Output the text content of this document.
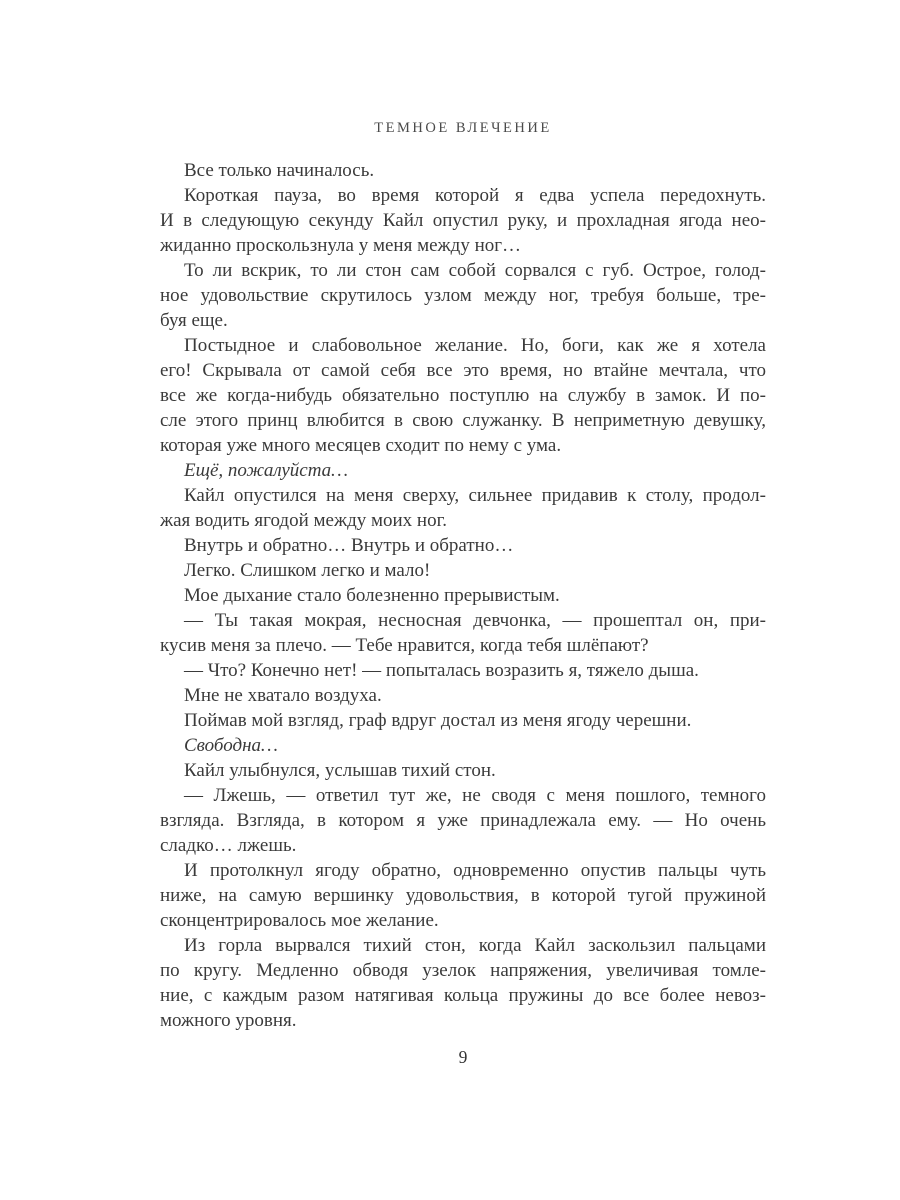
ТЕМНОЕ ВЛЕЧЕНИЕ
Все только начиналось.
Короткая пауза, во время которой я едва успела передохнуть.
И в следующую секунду Кайл опустил руку, и прохладная ягода нео-
жиданно проскользнула у меня между ног…
То ли вскрик, то ли стон сам собой сорвался с губ. Острое, голод-
ное удовольствие скрутилось узлом между ног, требуя больше, тре-
буя еще.
Постыдное и слабовольное желание. Но, боги, как же я хотела
его! Скрывала от самой себя все это время, но втайне мечтала, что
все же когда-нибудь обязательно поступлю на службу в замок. И по-
сле этого принц влюбится в свою служанку. В неприметную девушку,
которая уже много месяцев сходит по нему с ума.
Ещё, пожалуйста…
Кайл опустился на меня сверху, сильнее придавив к столу, продол-
жая водить ягодой между моих ног.
Внутрь и обратно… Внутрь и обратно…
Легко. Слишком легко и мало!
Мое дыхание стало болезненно прерывистым.
— Ты такая мокрая, несносная девчонка, — прошептал он, при-
кусив меня за плечо. — Тебе нравится, когда тебя шлёпают?
— Что? Конечно нет! — попыталась возразить я, тяжело дыша.
Мне не хватало воздуха.
Поймав мой взгляд, граф вдруг достал из меня ягоду черешни.
Свободна…
Кайл улыбнулся, услышав тихий стон.
— Лжешь, — ответил тут же, не сводя с меня пошлого, темного
взгляда. Взгляда, в котором я уже принадлежала ему. — Но очень
сладко… лжешь.
И протолкнул ягоду обратно, одновременно опустив пальцы чуть
ниже, на самую вершинку удовольствия, в которой тугой пружиной
сконцентрировалось мое желание.
Из горла вырвался тихий стон, когда Кайл заскользил пальцами
по кругу. Медленно обводя узелок напряжения, увеличивая томле-
ние, с каждым разом натягивая кольца пружины до все более невоз-
можного уровня.
9
